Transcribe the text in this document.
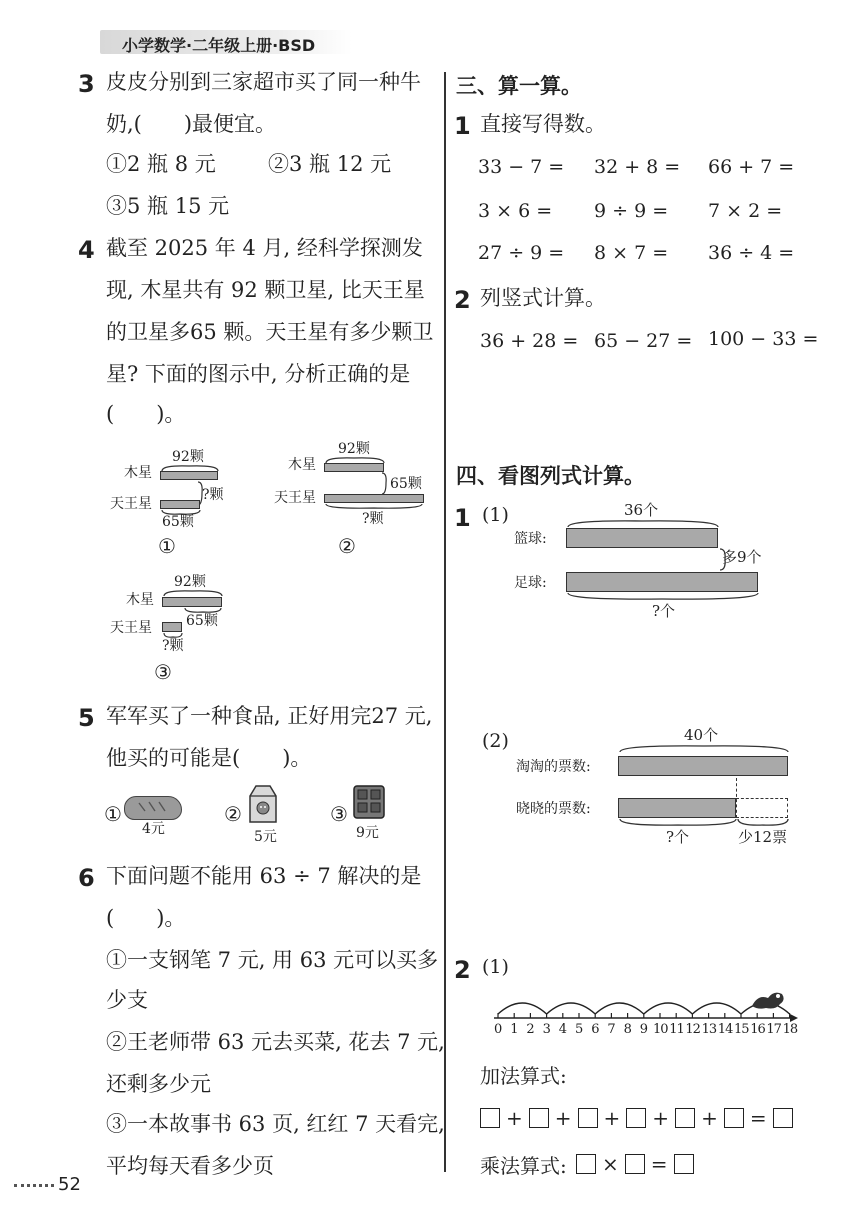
小学数学·二年级上册·BSD
3 皮皮分别到三家超市买了同一种牛
奶,(　　)最便宜。
①2 瓶 8 元 ②3 瓶 12 元
③5 瓶 15 元
4 截至 2025 年 4 月, 经科学探测发
现, 木星共有 92 颗卫星, 比天王星
的卫星多65 颗。天王星有多少颗卫
星? 下面的图示中, 分析正确的是
(　　)。
92颗
木星
?颗
天王星
65颗
①
92颗
木星
65颗
天王星
?颗
②
92颗
木星
65颗
天王星
?颗
③
5 军军买了一种食品, 正好用完27 元,
他买的可能是(　　)。
①
4元
②
5元
③
9元
6 下面问题不能用 63 ÷ 7 解决的是
(　　)。
①一支钢笔 7 元, 用 63 元可以买多
少支
②王老师带 63 元去买菜, 花去 7 元,
还剩多少元
③一本故事书 63 页, 红红 7 天看完,
平均每天看多少页
52
三、算一算。
1 直接写得数。
33 − 7 = 32 + 8 = 66 + 7 =
3 × 6 = 9 ÷ 9 = 7 × 2 =
27 ÷ 9 = 8 × 7 = 36 ÷ 4 =
2 列竖式计算。
36 + 28 = 65 − 27 = 100 − 33 =
四、看图列式计算。
1 (1)	36个
篮球:
多9个
足球:
?个
(2)	40个
淘淘的票数:
晓晓的票数:
?个	少12票
2 (1)
0 1 2 3 4 5 6 7 8 9 10 11 12 13 14 15 16 17 18
加法算式:
+ + + + + =
乘法算式: × =
